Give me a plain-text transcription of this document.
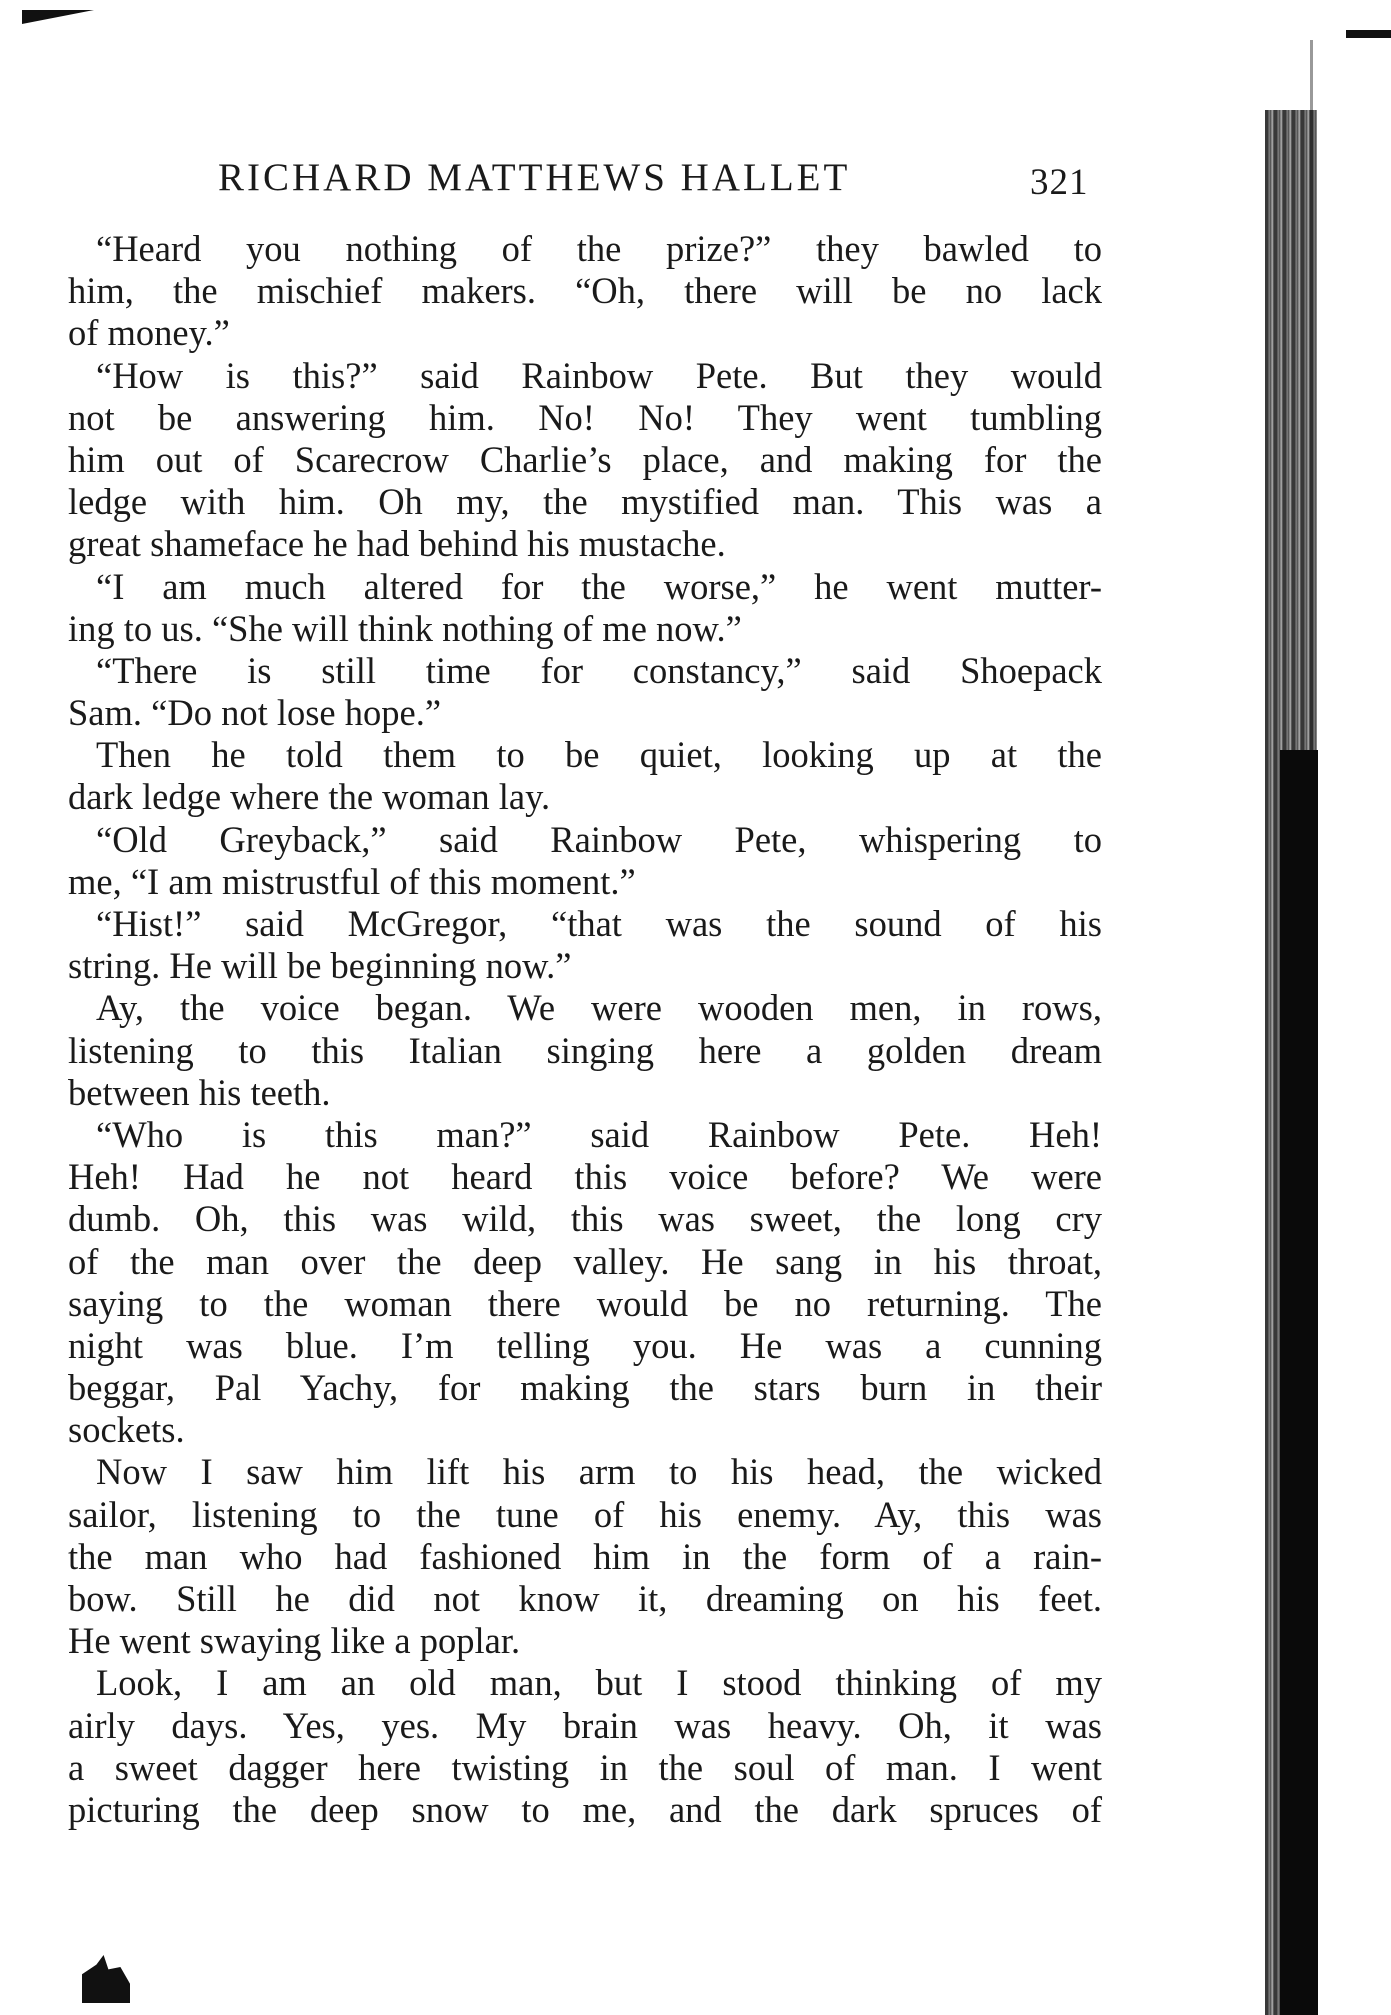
RICHARD MATTHEWS HALLET	321
“Heard you nothing of the prize?” they bawled to
him, the mischief makers. “Oh, there will be no lack
of money.”
“How is this?” said Rainbow Pete. But they would
not be answering him. No! No! They went tumbling
him out of Scarecrow Charlie’s place, and making for the
ledge with him. Oh my, the mystified man. This was a
great shameface he had behind his mustache.
“I am much altered for the worse,” he went mutter-
ing to us. “She will think nothing of me now.”
“There is still time for constancy,” said Shoepack
Sam. “Do not lose hope.”
Then he told them to be quiet, looking up at the
dark ledge where the woman lay.
“Old Greyback,” said Rainbow Pete, whispering to
me, “I am mistrustful of this moment.”
“Hist!” said McGregor, “that was the sound of his
string. He will be beginning now.”
Ay, the voice began. We were wooden men, in rows,
listening to this Italian singing here a golden dream
between his teeth.
“Who is this man?” said Rainbow Pete. Heh!
Heh! Had he not heard this voice before? We were
dumb. Oh, this was wild, this was sweet, the long cry
of the man over the deep valley. He sang in his throat,
saying to the woman there would be no returning. The
night was blue. I’m telling you. He was a cunning
beggar, Pal Yachy, for making the stars burn in their
sockets.
Now I saw him lift his arm to his head, the wicked
sailor, listening to the tune of his enemy. Ay, this was
the man who had fashioned him in the form of a rain-
bow. Still he did not know it, dreaming on his feet.
He went swaying like a poplar.
Look, I am an old man, but I stood thinking of my
airly days. Yes, yes. My brain was heavy. Oh, it was
a sweet dagger here twisting in the soul of man. I went
picturing the deep snow to me, and the dark spruces of
